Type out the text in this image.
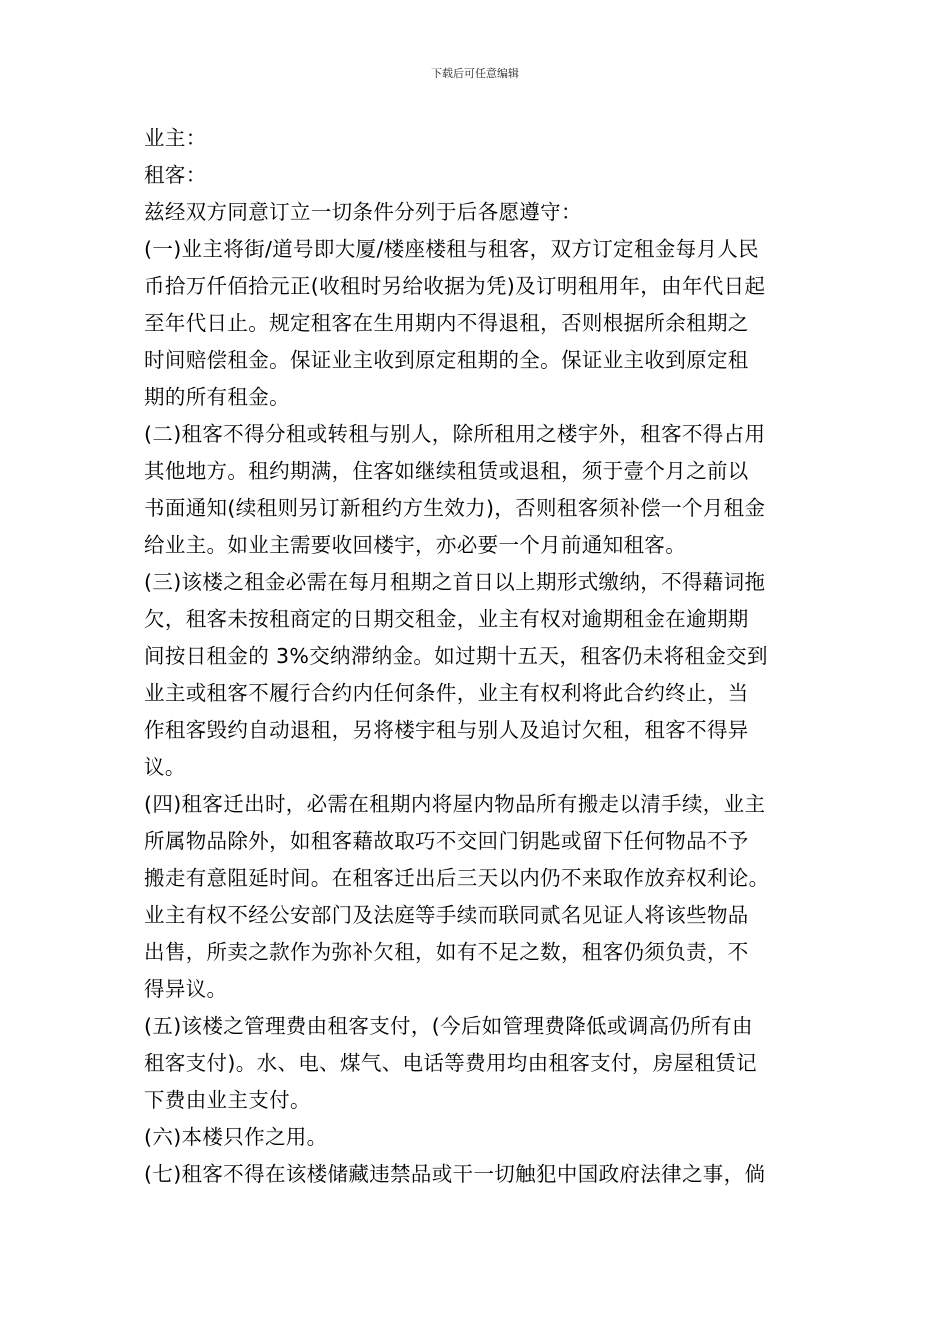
下载后可任意编辑
业主：
租客：
兹经双方同意订立一切条件分列于后各愿遵守：
(一)业主将街/道号即大厦/楼座楼租与租客，双方订定租金每月人民
币拾万仟佰拾元正(收租时另给收据为凭)及订明租用年，由年代日起
至年代日止。规定租客在生用期内不得退租，否则根据所余租期之
时间赔偿租金。保证业主收到原定租期的全。保证业主收到原定租
期的所有租金。
(二)租客不得分租或转租与别人，除所租用之楼宇外，租客不得占用
其他地方。租约期满，住客如继续租赁或退租，须于壹个月之前以
书面通知(续租则另订新租约方生效力)，否则租客须补偿一个月租金
给业主。如业主需要收回楼宇，亦必要一个月前通知租客。
(三)该楼之租金必需在每月租期之首日以上期形式缴纳，不得藉词拖
欠，租客未按租商定的日期交租金，业主有权对逾期租金在逾期期
间按日租金的 3%交纳滞纳金。如过期十五天，租客仍未将租金交到
业主或租客不履行合约内任何条件，业主有权利将此合约终止，当
作租客毁约自动退租，另将楼宇租与别人及追讨欠租，租客不得异
议。
(四)租客迁出时，必需在租期内将屋内物品所有搬走以清手续，业主
所属物品除外，如租客藉故取巧不交回门钥匙或留下任何物品不予
搬走有意阻延时间。在租客迁出后三天以内仍不来取作放弃权利论。
业主有权不经公安部门及法庭等手续而联同贰名见证人将该些物品
出售，所卖之款作为弥补欠租，如有不足之数，租客仍须负责，不
得异议。
(五)该楼之管理费由租客支付，(今后如管理费降低或调高仍所有由
租客支付)。水、电、煤气、电话等费用均由租客支付，房屋租赁记
下费由业主支付。
(六)本楼只作之用。
(七)租客不得在该楼储藏违禁品或干一切触犯中国政府法律之事，倘
